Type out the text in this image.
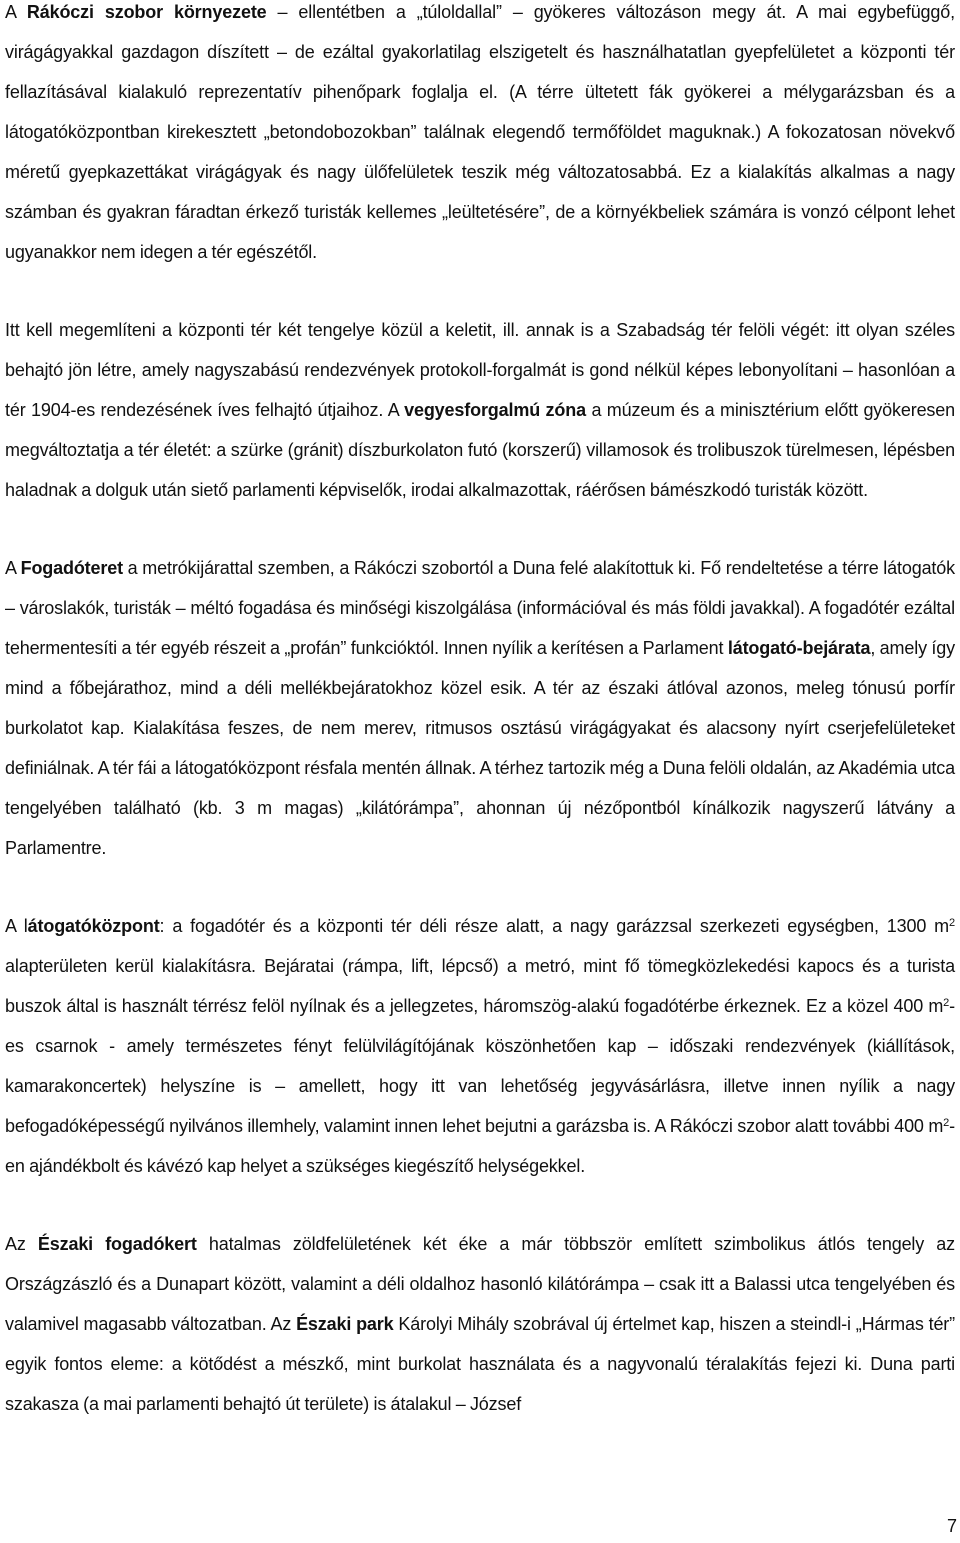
A Rákóczi szobor környezete – ellentétben a „túloldallal” – gyökeres változáson megy át. A mai egybefüggő, virágágyakkal gazdagon díszített – de ezáltal gyakorlatilag elszigetelt és használhatatlan gyepfelületet a központi tér fellazításával kialakuló reprezentatív pihenőpark foglalja el. (A térre ültetett fák gyökerei a mélygarázsban és a látogatóközpontban kirekesztett „betondobozokban” találnak elegendő termőföldet maguknak.) A fokozatosan növekvő méretű gyepkazettákat virágágyak és nagy ülőfelületek teszik még változatosabbá. Ez a kialakítás alkalmas a nagy számban és gyakran fáradtan érkező turisták kellemes „leültetésére”, de a környékbeliek számára is vonzó célpont lehet ugyanakkor nem idegen a tér egészétől.

Itt kell megemlíteni a központi tér két tengelye közül a keletit, ill. annak is a Szabadság tér felöli végét: itt olyan széles behajtó jön létre, amely nagyszabású rendezvények protokoll-forgalmát is gond nélkül képes lebonyolítani – hasonlóan a tér 1904-es rendezésének íves felhajtó útjaihoz. A vegyesforgalmú zóna a múzeum és a minisztérium előtt gyökeresen megváltoztatja a tér életét: a szürke (gránit) díszburkolaton futó (korszerű) villamosok és trolibuszok türelmesen, lépésben haladnak a dolguk után siető parlamenti képviselők, irodai alkalmazottak, ráérősen bámészkodó turisták között.

A Fogadóteret a metrókijárattal szemben, a Rákóczi szobortól a Duna felé alakítottuk ki. Fő rendeltetése a térre látogatók – városlakók, turisták – méltó fogadása és minőségi kiszolgálása (információval és más földi javakkal). A fogadótér ezáltal tehermentesíti a tér egyéb részeit a „profán” funkcióktól. Innen nyílik a kerítésen a Parlament látogató-bejárata, amely így mind a főbejárathoz, mind a déli mellékbejáratokhoz közel esik. A tér az északi átlóval azonos, meleg tónusú porfír burkolatot kap. Kialakítása feszes, de nem merev, ritmusos osztású virágágyakat és alacsony nyírt cserjefelületeket definiálnak. A tér fái a látogatóközpont résfala mentén állnak. A térhez tartozik még a Duna felöli oldalán, az Akadémia utca tengelyében található (kb. 3 m magas) „kilátórámpa”, ahonnan új nézőpontból kínálkozik nagyszerű látvány a Parlamentre.

A látogatóközpont: a fogadótér és a központi tér déli része alatt, a nagy garázzsal szerkezeti egységben, 1300 $m^2$ alapterületen kerül kialakításra. Bejáratai (rámpa, lift, lépcső) a metró, mint fő tömegközlekedési kapocs és a turista buszok által is használt térrész felöl nyílnak és a jellegzetes, háromszög-alakú fogadótérbe érkeznek. Ez a közel 400 $m^2-es$ csarnok - amely természetes fényt felülvilágítójának köszönhetően kap – időszaki rendezvények (kiállítások, kamarakoncertek) helyszíne is – amellett, hogy itt van lehetőség jegyvásárlásra, illetve innen nyílik a nagy befogadóképességű nyilvános illemhely, valamint innen lehet bejutni a garázsba is. A Rákóczi szobor alatt további 400 $m^2-en$ ajándékbolt és kávézó kap helyet a szükséges kiegészítő helységekkel.

Az Északi fogadókert hatalmas zöldfelületének két éke a már többször említett szimbolikus átlós tengely az Országzászló és a Dunapart között, valamint a déli oldalhoz hasonló kilátórámpa – csak itt a Balassi utca tengelyében és valamivel magasabb változatban. Az Északi park Károlyi Mihály szobrával új értelmet kap, hiszen a steindl-i „Hármas tér” egyik fontos eleme: a kötődést a mészkő, mint burkolat használata és a nagyvonalú téralakítás fejezi ki. Duna parti szakasza (a mai parlamenti behajtó út területe) is átalakul – József

7
